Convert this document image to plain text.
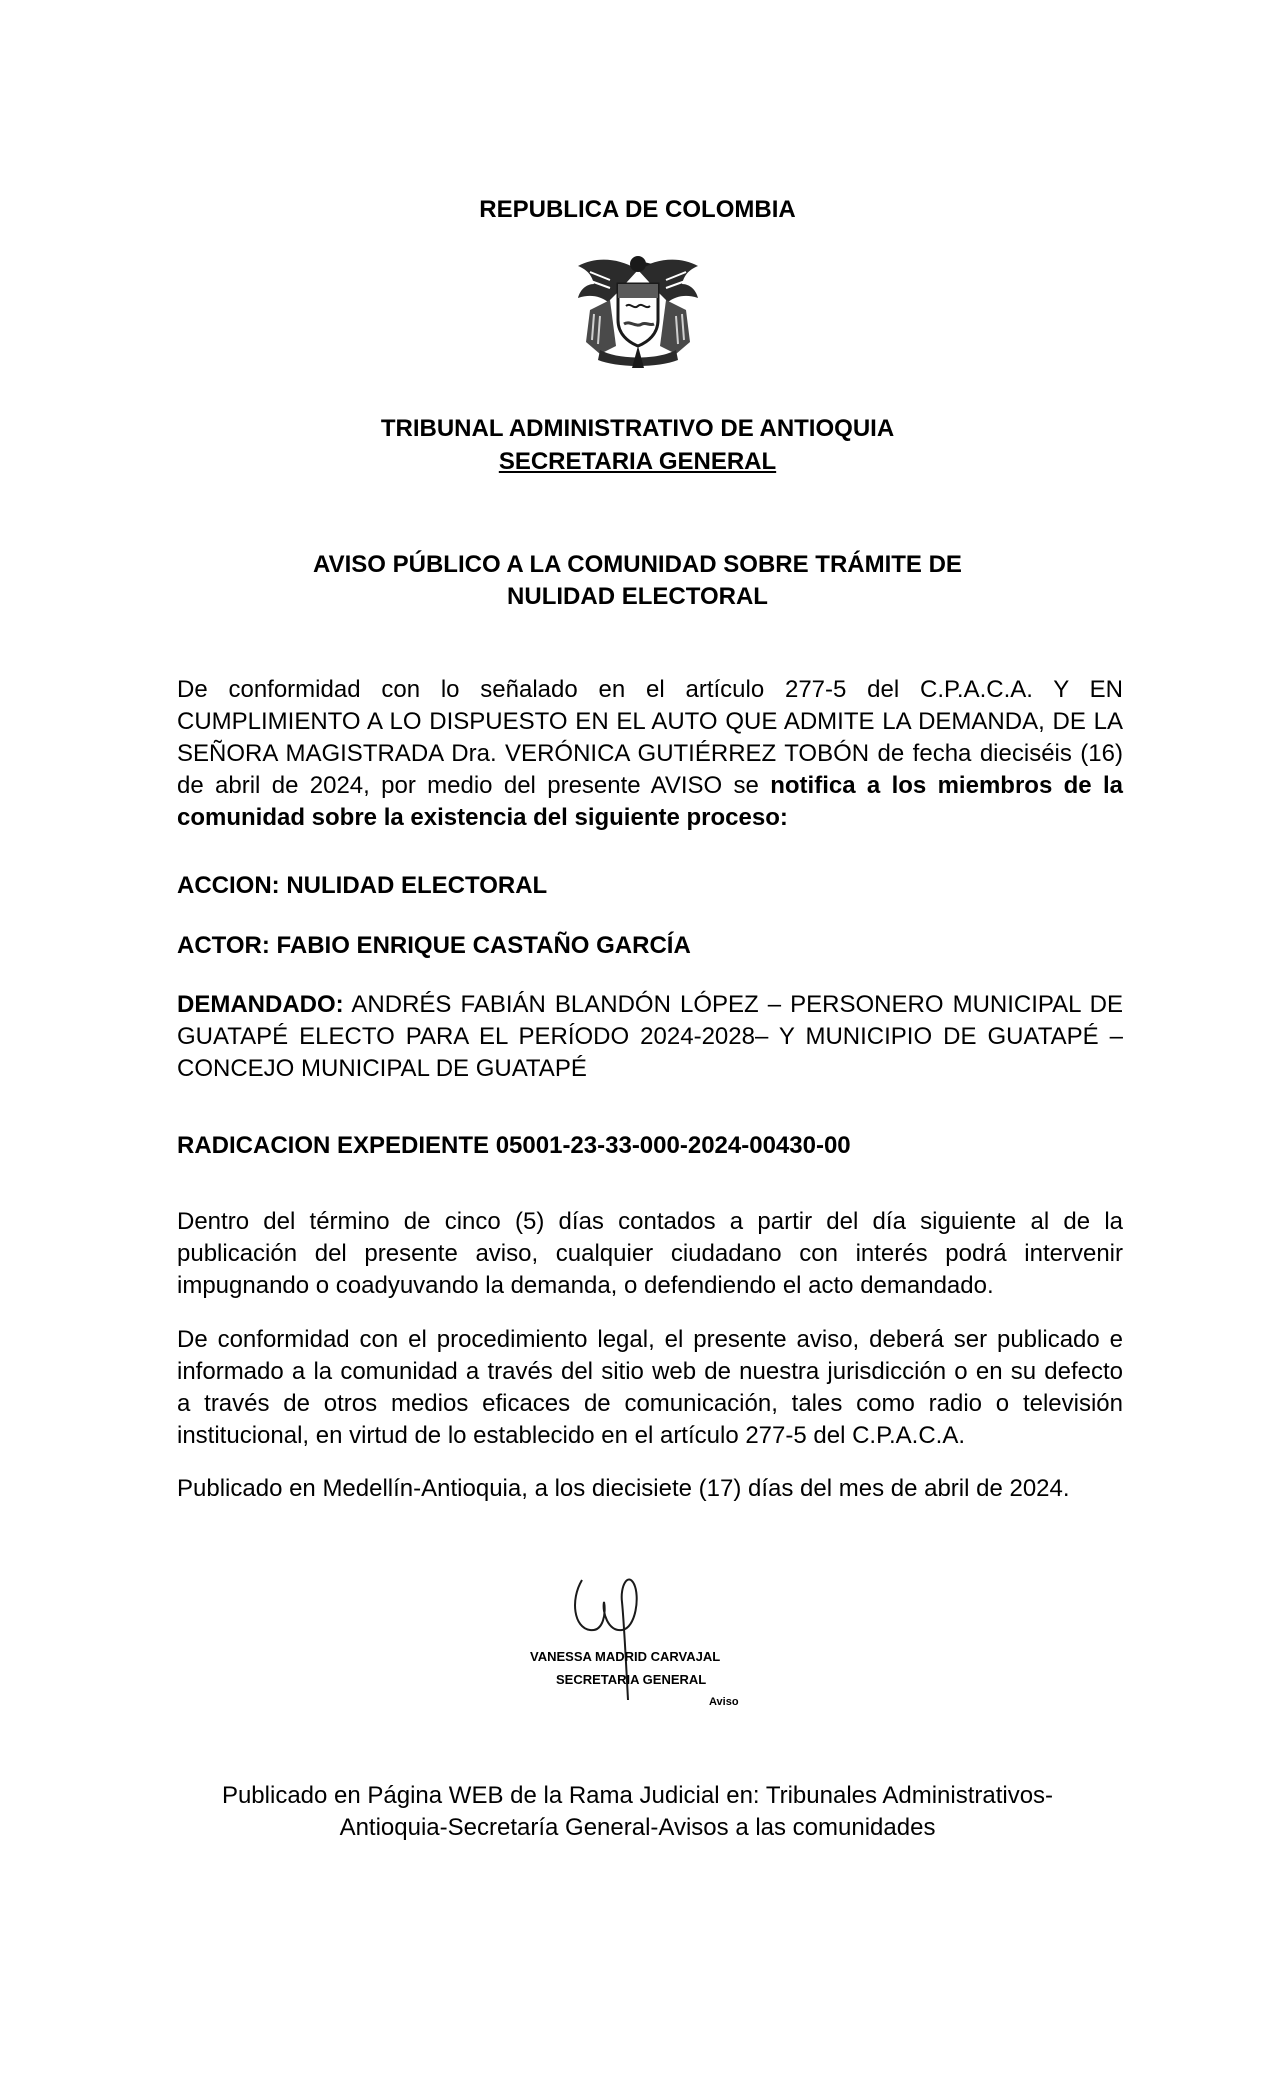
REPUBLICA DE COLOMBIA
TRIBUNAL ADMINISTRATIVO DE ANTIOQUIA
SECRETARIA GENERAL
AVISO PÚBLICO A LA COMUNIDAD SOBRE TRÁMITE DE
NULIDAD ELECTORAL
De conformidad con lo señalado en el artículo 277-5 del C.P.A.C.A. Y EN
CUMPLIMIENTO A LO DISPUESTO EN EL AUTO QUE ADMITE LA DEMANDA, DE LA
SEÑORA MAGISTRADA Dra. VERÓNICA GUTIÉRREZ TOBÓN de fecha dieciséis (16)
de abril de 2024, por medio del presente AVISO se notifica a los miembros de la
comunidad sobre la existencia del siguiente proceso:
ACCION: NULIDAD ELECTORAL
ACTOR: FABIO ENRIQUE CASTAÑO GARCÍA
DEMANDADO: ANDRÉS FABIÁN BLANDÓN LÓPEZ – PERSONERO MUNICIPAL DE
GUATAPÉ ELECTO PARA EL PERÍODO 2024-2028– Y MUNICIPIO DE GUATAPÉ –
CONCEJO MUNICIPAL DE GUATAPÉ
RADICACION EXPEDIENTE 05001-23-33-000-2024-00430-00
Dentro del término de cinco (5) días contados a partir del día siguiente al de la
publicación del presente aviso, cualquier ciudadano con interés podrá intervenir
impugnando o coadyuvando la demanda, o defendiendo el acto demandado.
De conformidad con el procedimiento legal, el presente aviso, deberá ser publicado e
informado a la comunidad a través del sitio web de nuestra jurisdicción o en su defecto
a través de otros medios eficaces de comunicación, tales como radio o televisión
institucional, en virtud de lo establecido en el artículo 277-5 del C.P.A.C.A.
Publicado en Medellín-Antioquia, a los diecisiete (17) días del mes de abril de 2024.
VANESSA MADRID CARVAJAL
SECRETARIA GENERAL
Aviso
Publicado en Página WEB de la Rama Judicial en: Tribunales Administrativos-
Antioquia-Secretaría General-Avisos a las comunidades
